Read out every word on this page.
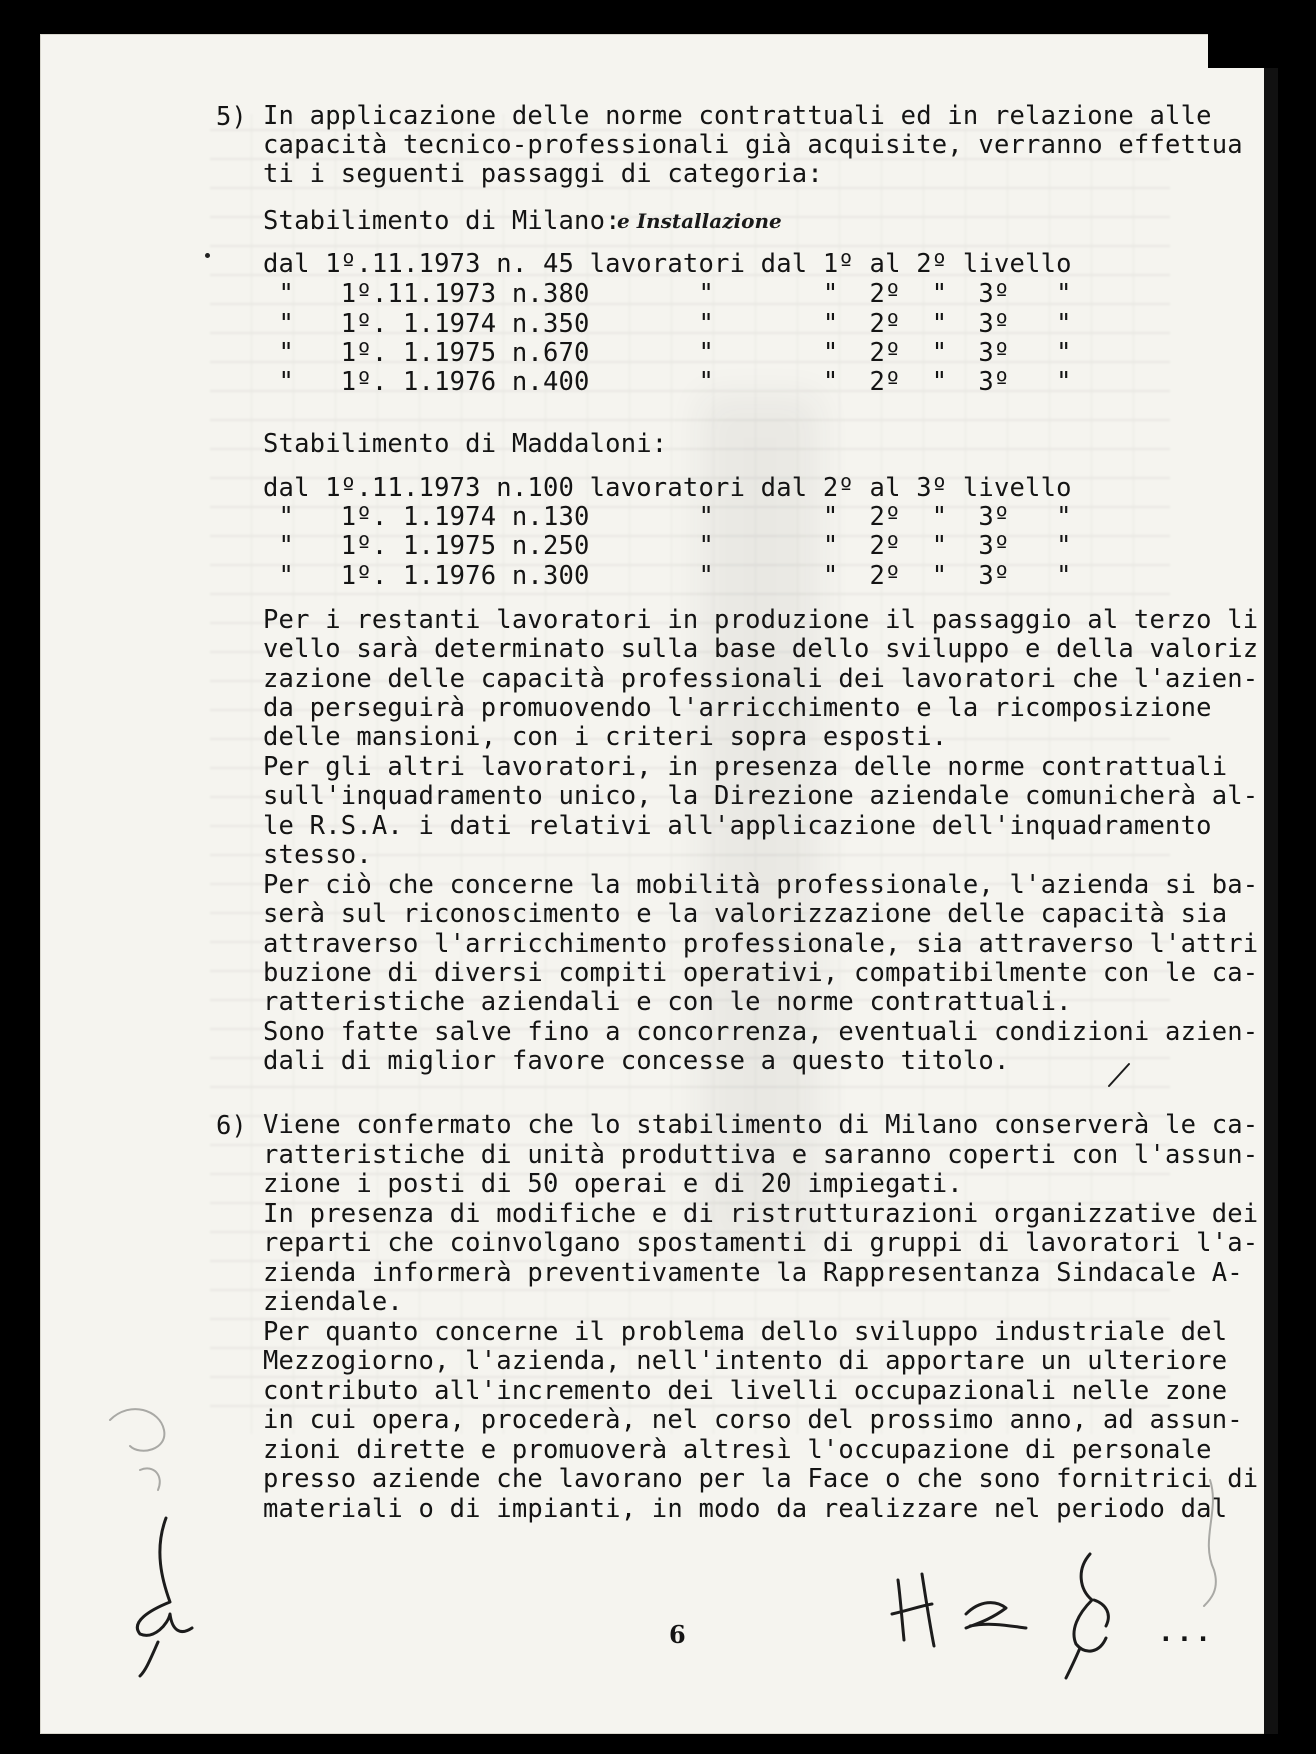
5) In applicazione delle norme contrattuali ed in relazione alle
capacità tecnico-professionali già acquisite, verranno effettua
ti i seguenti passaggi di categoria:
Stabilimento di Milano:
e Installazione
dal 1º.11.1973 n. 45 lavoratori dal 1º al 2º livello
"   1º.11.1973 n.380       "       "  2º  "  3º   "
"   1º. 1.1974 n.350       "       "  2º  "  3º   "
"   1º. 1.1975 n.670       "       "  2º  "  3º   "
"   1º. 1.1976 n.400       "       "  2º  "  3º   "
Stabilimento di Maddaloni:
dal 1º.11.1973 n.100 lavoratori dal 2º al 3º livello
"   1º. 1.1974 n.130       "       "  2º  "  3º   "
"   1º. 1.1975 n.250       "       "  2º  "  3º   "
"   1º. 1.1976 n.300       "       "  2º  "  3º   "
Per i restanti lavoratori in produzione il passaggio al terzo li
vello sarà determinato sulla base dello sviluppo e della valoriz
zazione delle capacità professionali dei lavoratori che l'azien-
da perseguirà promuovendo l'arricchimento e la ricomposizione
delle mansioni, con i criteri sopra esposti.
Per gli altri lavoratori, in presenza delle norme contrattuali
sull'inquadramento unico, la Direzione aziendale comunicherà al-
le R.S.A. i dati relativi all'applicazione dell'inquadramento
stesso.
Per ciò che concerne la mobilità professionale, l'azienda si ba-
serà sul riconoscimento e la valorizzazione delle capacità sia
attraverso l'arricchimento professionale, sia attraverso l'attri
buzione di diversi compiti operativi, compatibilmente con le ca-
ratteristiche aziendali e con le norme contrattuali.
Sono fatte salve fino a concorrenza, eventuali condizioni azien-
dali di miglior favore concesse a questo titolo.
6) Viene confermato che lo stabilimento di Milano conserverà le ca-
ratteristiche di unità produttiva e saranno coperti con l'assun-
zione i posti di 50 operai e di 20 impiegati.
In presenza di modifiche e di ristrutturazioni organizzative dei
reparti che coinvolgano spostamenti di gruppi di lavoratori l'a-
zienda informerà preventivamente la Rappresentanza Sindacale A-
ziendale.
Per quanto concerne il problema dello sviluppo industriale del
Mezzogiorno, l'azienda, nell'intento di apportare un ulteriore
contributo all'incremento dei livelli occupazionali nelle zone
in cui opera, procederà, nel corso del prossimo anno, ad assun-
zioni dirette e promuoverà altresì l'occupazione di personale
presso aziende che lavorano per la Face o che sono fornitrici di
materiali o di impianti, in modo da realizzare nel periodo dal
6	...
